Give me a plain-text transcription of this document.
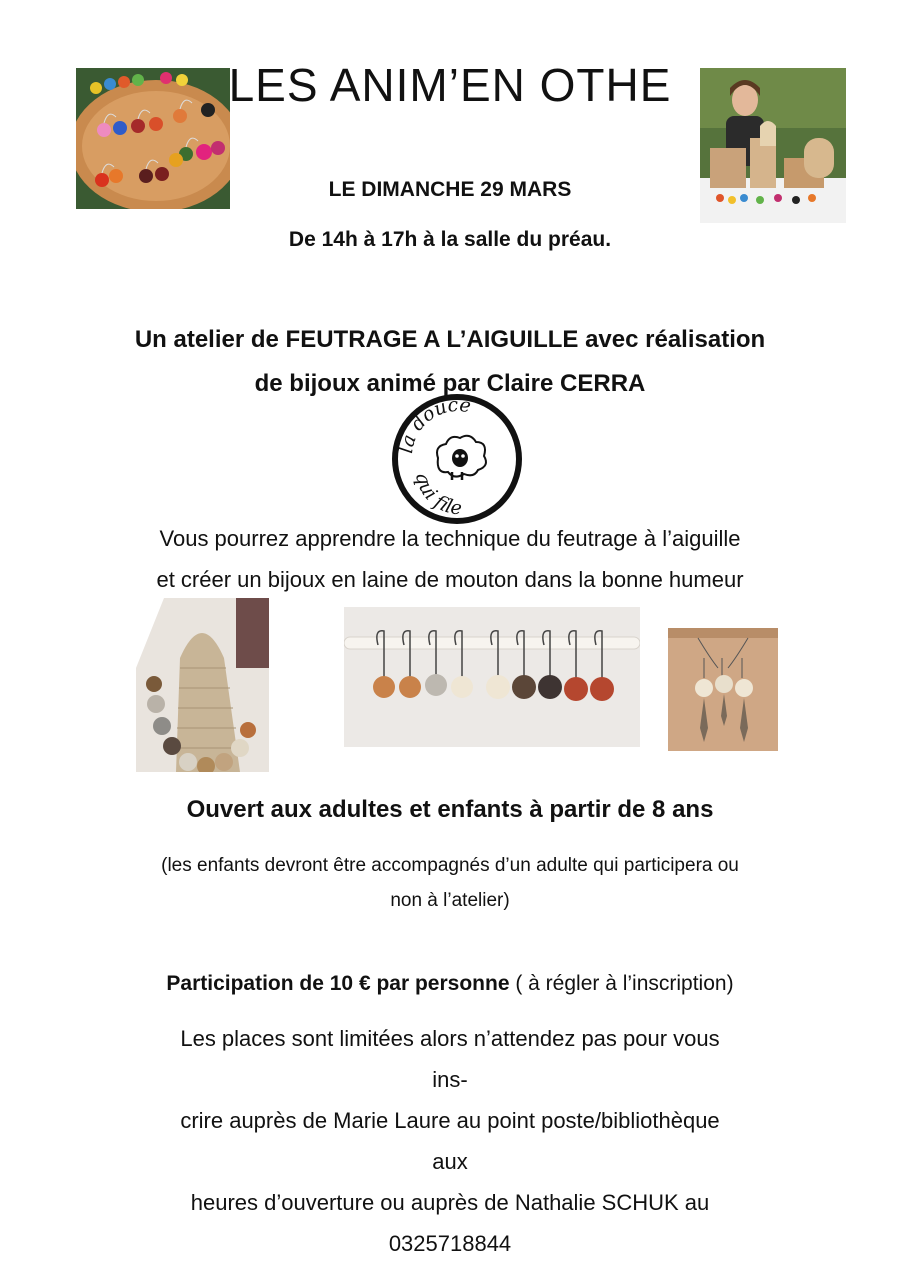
LES ANIM’EN OTHE
LE DIMANCHE 29 MARS
De 14h à 17h à la salle du préau.
Un atelier de FEUTRAGE A L’AIGUILLE avec réalisation
de bijoux animé par Claire CERRA
la douce
qui file
Vous pourrez apprendre la technique du feutrage à l’aiguille
et créer un bijoux en laine de mouton dans la bonne humeur
Ouvert aux adultes et enfants à partir de 8 ans
(les enfants devront être accompagnés d’un adulte qui participera ou
non à l’atelier)
Participation de 10 € par personne ( à régler à l’inscription)
Les places sont limitées alors n’attendez pas pour vous ins-
crire auprès de Marie Laure au point poste/bibliothèque aux
heures d’ouverture ou auprès de Nathalie SCHUK au
0325718844
